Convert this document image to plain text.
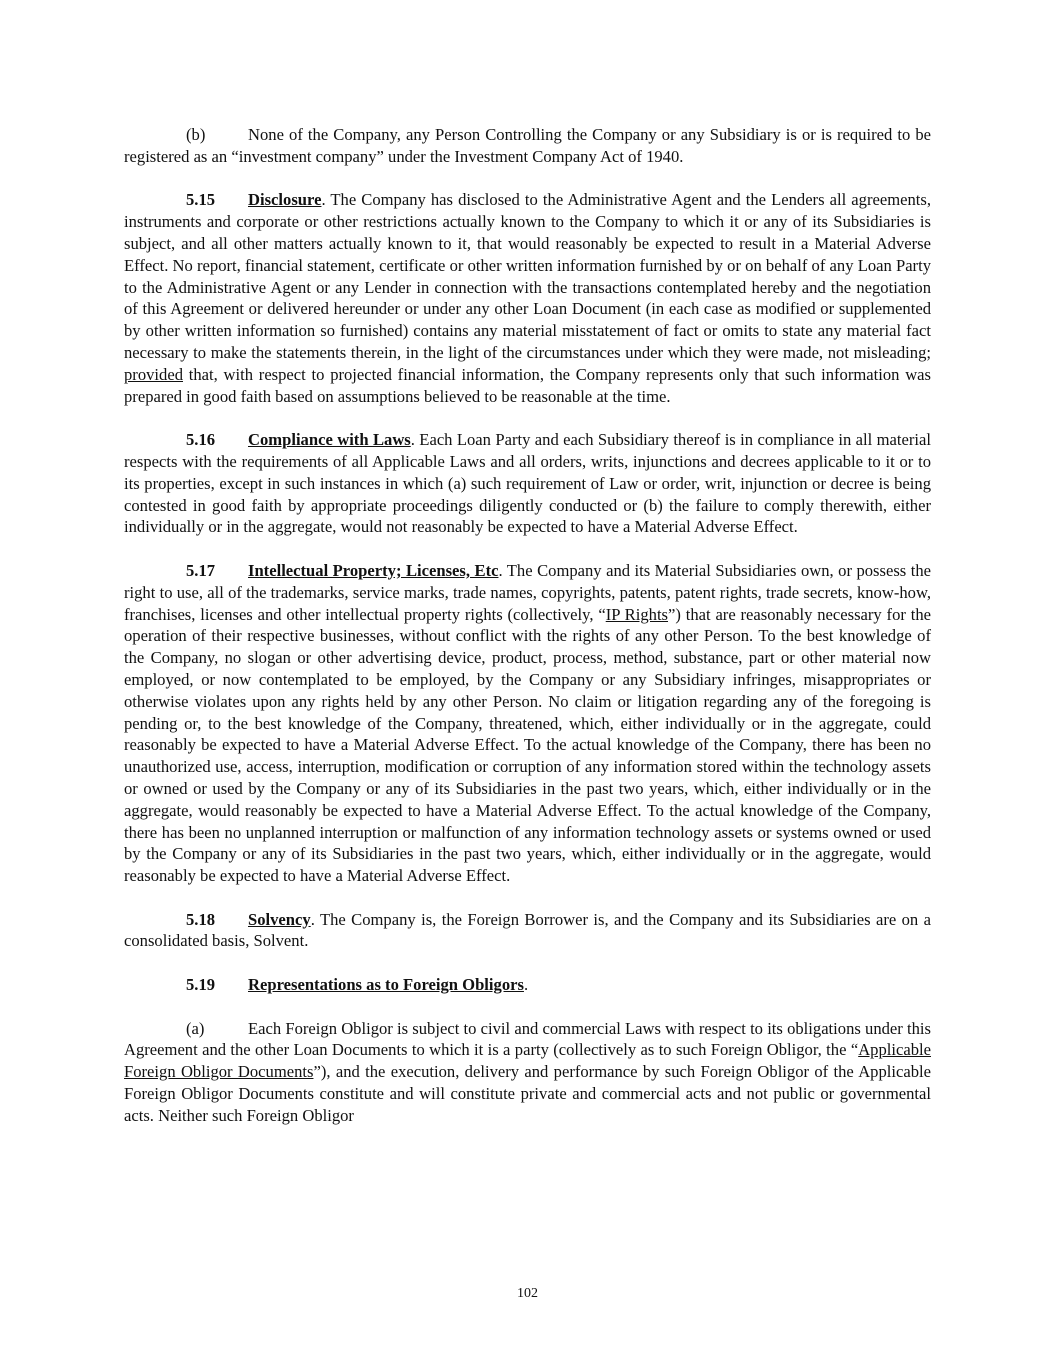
(b)	None of the Company, any Person Controlling the Company or any Subsidiary is or is required to be registered as an “investment company” under the Investment Company Act of 1940.

5.15 Disclosure. The Company has disclosed to the Administrative Agent and the Lenders all agreements, instruments and corporate or other restrictions actually known to the Company to which it or any of its Subsidiaries is subject, and all other matters actually known to it, that would reasonably be expected to result in a Material Adverse Effect. No report, financial statement, certificate or other written information furnished by or on behalf of any Loan Party to the Administrative Agent or any Lender in connection with the transactions contemplated hereby and the negotiation of this Agreement or delivered hereunder or under any other Loan Document (in each case as modified or supplemented by other written information so furnished) contains any material misstatement of fact or omits to state any material fact necessary to make the statements therein, in the light of the circumstances under which they were made, not misleading; provided that, with respect to projected financial information, the Company represents only that such information was prepared in good faith based on assumptions believed to be reasonable at the time.

5.16 Compliance with Laws. Each Loan Party and each Subsidiary thereof is in compliance in all material respects with the requirements of all Applicable Laws and all orders, writs, injunctions and decrees applicable to it or to its properties, except in such instances in which (a) such requirement of Law or order, writ, injunction or decree is being contested in good faith by appropriate proceedings diligently conducted or (b) the failure to comply therewith, either individually or in the aggregate, would not reasonably be expected to have a Material Adverse Effect.

5.17 Intellectual Property; Licenses, Etc. The Company and its Material Subsidiaries own, or possess the right to use, all of the trademarks, service marks, trade names, copyrights, patents, patent rights, trade secrets, know-how, franchises, licenses and other intellectual property rights (collectively, “IP Rights”) that are reasonably necessary for the operation of their respective businesses, without conflict with the rights of any other Person. To the best knowledge of the Company, no slogan or other advertising device, product, process, method, substance, part or other material now employed, or now contemplated to be employed, by the Company or any Subsidiary infringes, misappropriates or otherwise violates upon any rights held by any other Person. No claim or litigation regarding any of the foregoing is pending or, to the best knowledge of the Company, threatened, which, either individually or in the aggregate, could reasonably be expected to have a Material Adverse Effect. To the actual knowledge of the Company, there has been no unauthorized use, access, interruption, modification or corruption of any information stored within the technology assets or owned or used by the Company or any of its Subsidiaries in the past two years, which, either individually or in the aggregate, would reasonably be expected to have a Material Adverse Effect. To the actual knowledge of the Company, there has been no unplanned interruption or malfunction of any information technology assets or systems owned or used by the Company or any of its Subsidiaries in the past two years, which, either individually or in the aggregate, would reasonably be expected to have a Material Adverse Effect.

5.18 Solvency. The Company is, the Foreign Borrower is, and the Company and its Subsidiaries are on a consolidated basis, Solvent.

5.19 Representations as to Foreign Obligors.

(a)	Each Foreign Obligor is subject to civil and commercial Laws with respect to its obligations under this Agreement and the other Loan Documents to which it is a party (collectively as to such Foreign Obligor, the “Applicable Foreign Obligor Documents”), and the execution, delivery and performance by such Foreign Obligor of the Applicable Foreign Obligor Documents constitute and will constitute private and commercial acts and not public or governmental acts. Neither such Foreign Obligor

102
